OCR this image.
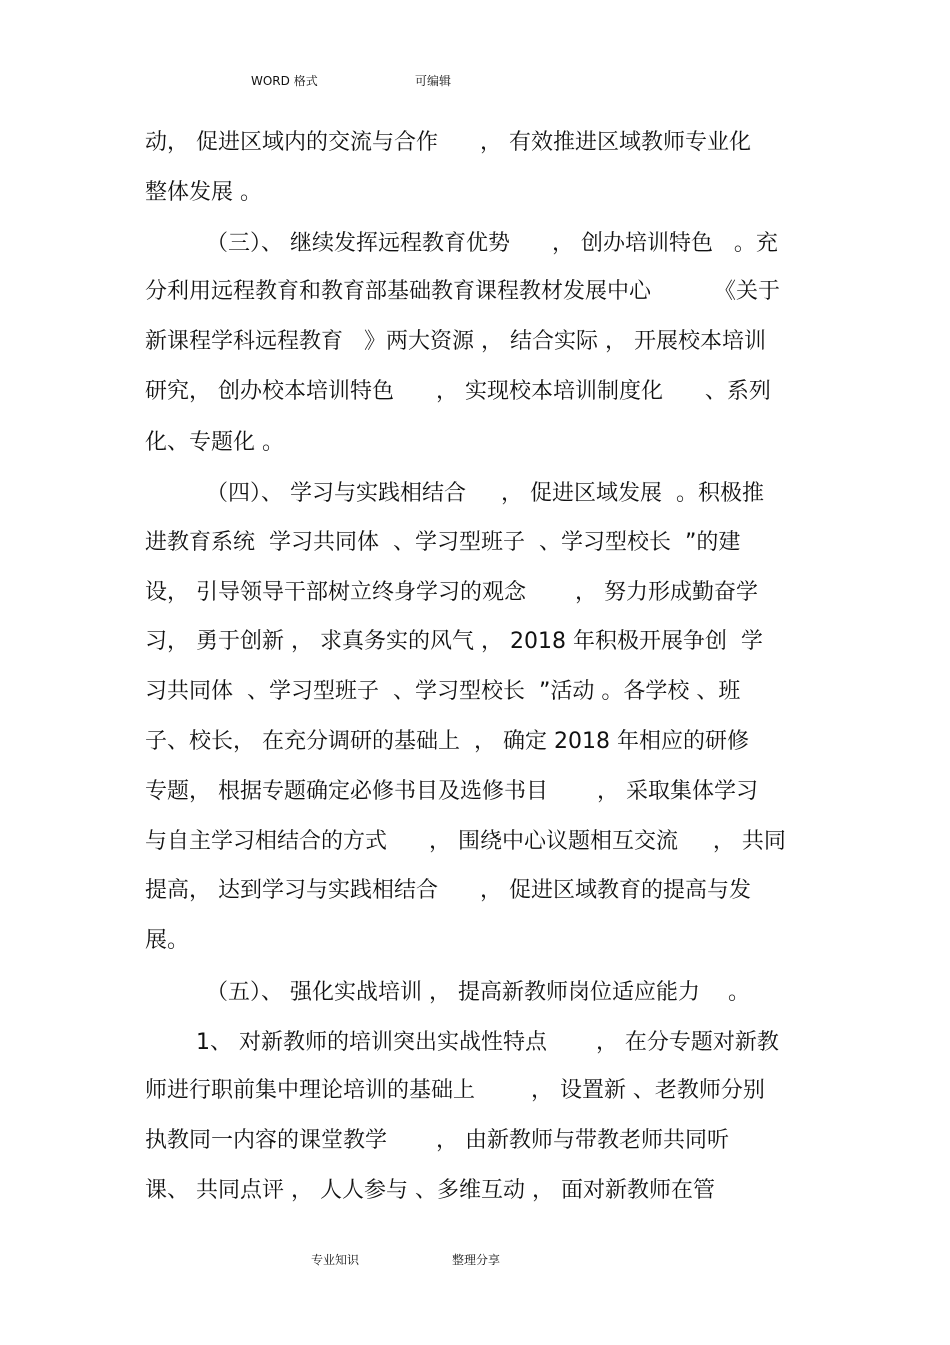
WORD 格式	可编辑
动， 促进区域内的交流与合作      ， 有效推进区域教师专业化
整体发展 。
（三）、 继续发挥远程教育优势      ， 创办培训特色   。充
分利用远程教育和教育部基础教育课程教材发展中心         《关于
新课程学科远程教育   》两大资源 ， 结合实际 ， 开展校本培训
研究， 创办校本培训特色      ， 实现校本培训制度化      、系列
化、专题化 。
（四）、 学习与实践相结合     ， 促进区域发展  。积极推
进教育系统  学习共同体  、学习型班子  、学习型校长  ”的建
设， 引导领导干部树立终身学习的观念       ， 努力形成勤奋学
习， 勇于创新 ， 求真务实的风气 ， 2018 年积极开展争创  学
习共同体  、学习型班子  、学习型校长  ”活动 。各学校 、班
子、校长， 在充分调研的基础上  ， 确定 2018 年相应的研修
专题， 根据专题确定必修书目及选修书目       ， 采取集体学习
与自主学习相结合的方式      ， 围绕中心议题相互交流     ， 共同
提高， 达到学习与实践相结合      ， 促进区域教育的提高与发
展。
（五）、 强化实战培训 ， 提高新教师岗位适应能力    。
1、 对新教师的培训突出实战性特点       ， 在分专题对新教
师进行职前集中理论培训的基础上        ， 设置新 、老教师分别
执教同一内容的课堂教学       ， 由新教师与带教老师共同听
课、 共同点评 ， 人人参与 、多维互动 ， 面对新教师在管
专业知识	整理分享
